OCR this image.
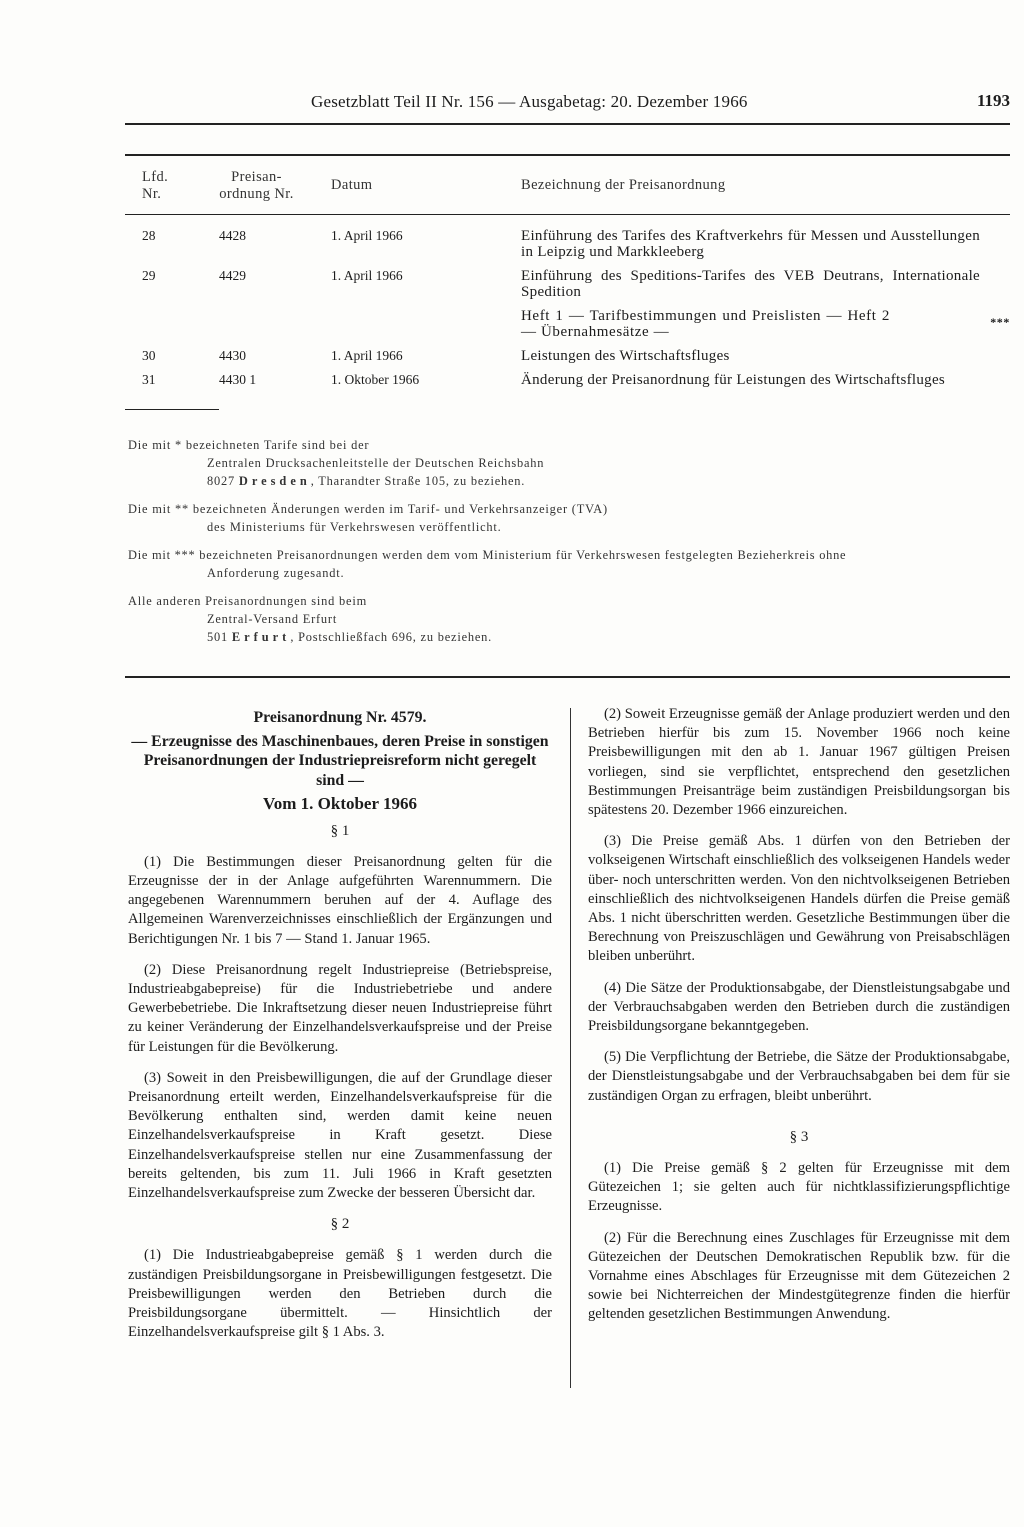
Gesetzblatt Teil II Nr. 156 — Ausgabetag: 20. Dezember 1966	1193
Lfd. Nr.	Preisan- ordnung Nr.	Datum	Bezeichnung der Preisanordnung

28	4428	1. April 1966	Einführung des Tarifes des Kraftverkehrs für Messen und Ausstellungen in Leipzig und Markkleeberg
29	4429	1. April 1966	Einführung des Speditions-Tarifes des VEB Deutrans, Internationale Spedition
			Heft 1 — Tarifbestimmungen und Preislisten — Heft 2 — Übernahmesätze —
***

30	4430	1. April 1966	Leistungen des Wirtschaftsfluges
31	4430 1	1. Oktober 1966	Änderung der Preisanordnung für Leistungen des Wirtschaftsfluges
Die mit * bezeichneten Tarife sind bei der
Zentralen Drucksachenleitstelle der Deutschen Reichsbahn
8027 Dresden, Tharandter Straße 105, zu beziehen.
Die mit ** bezeichneten Änderungen werden im Tarif- und Verkehrsanzeiger (TVA)
des Ministeriums für Verkehrswesen veröffentlicht.
Die mit *** bezeichneten Preisanordnungen werden dem vom Ministerium für Verkehrswesen festgelegten Bezieherkreis ohne
Anforderung zugesandt.
Alle anderen Preisanordnungen sind beim
Zentral-Versand Erfurt
501 Erfurt, Postschließfach 696, zu beziehen.

Preisanordnung Nr. 4579.

— Erzeugnisse des Maschinenbaues, deren Preise in sonstigen Preisanordnungen der Industriepreisreform nicht geregelt sind —

Vom 1. Oktober 1966

§ 1

(1) Die Bestimmungen dieser Preisanordnung gelten für die Erzeugnisse der in der Anlage aufgeführten Warennummern. Die angegebenen Warennummern beruhen auf der 4. Auflage des Allgemeinen Warenverzeichnisses einschließlich der Ergänzungen und Berichtigungen Nr. 1 bis 7 — Stand 1. Januar 1965.

(2) Diese Preisanordnung regelt Industriepreise (Betriebspreise, Industrieabgabepreise) für die Industriebetriebe und andere Gewerbebetriebe. Die Inkraftsetzung dieser neuen Industriepreise führt zu keiner Veränderung der Einzelhandelsverkaufspreise und der Preise für Leistungen für die Bevölkerung.

(3) Soweit in den Preisbewilligungen, die auf der Grundlage dieser Preisanordnung erteilt werden, Einzelhandelsverkaufspreise für die Bevölkerung enthalten sind, werden damit keine neuen Einzelhandelsverkaufspreise in Kraft gesetzt. Diese Einzelhandelsverkaufspreise stellen nur eine Zusammenfassung der bereits geltenden, bis zum 11. Juli 1966 in Kraft gesetzten Einzelhandelsverkaufspreise zum Zwecke der besseren Übersicht dar.

§ 2

(1) Die Industrieabgabepreise gemäß § 1 werden durch die zuständigen Preisbildungsorgane in Preisbewilligungen festgesetzt. Die Preisbewilligungen werden den Betrieben durch die Preisbildungsorgane übermittelt. — Hinsichtlich der Einzelhandelsverkaufspreise gilt § 1 Abs. 3.

(2) Soweit Erzeugnisse gemäß der Anlage produziert werden und den Betrieben hierfür bis zum 15. November 1966 noch keine Preisbewilligungen mit den ab 1. Januar 1967 gültigen Preisen vorliegen, sind sie verpflichtet, entsprechend den gesetzlichen Bestimmungen Preisanträge beim zuständigen Preisbildungsorgan bis spätestens 20. Dezember 1966 einzureichen.

(3) Die Preise gemäß Abs. 1 dürfen von den Betrieben der volkseigenen Wirtschaft einschließlich des volkseigenen Handels weder über- noch unterschritten werden. Von den nichtvolkseigenen Betrieben einschließlich des nichtvolkseigenen Handels dürfen die Preise gemäß Abs. 1 nicht überschritten werden. Gesetzliche Bestimmungen über die Berechnung von Preiszuschlägen und Gewährung von Preisabschlägen bleiben unberührt.

(4) Die Sätze der Produktionsabgabe, der Dienstleistungsabgabe und der Verbrauchsabgaben werden den Betrieben durch die zuständigen Preisbildungsorgane bekanntgegeben.

(5) Die Verpflichtung der Betriebe, die Sätze der Produktionsabgabe, der Dienstleistungsabgabe und der Verbrauchsabgaben bei dem für sie zuständigen Organ zu erfragen, bleibt unberührt.

§ 3

(1) Die Preise gemäß § 2 gelten für Erzeugnisse mit dem Gütezeichen 1; sie gelten auch für nichtklassifizierungspflichtige Erzeugnisse.

(2) Für die Berechnung eines Zuschlages für Erzeugnisse mit dem Gütezeichen der Deutschen Demokratischen Republik bzw. für die Vornahme eines Abschlages für Erzeugnisse mit dem Gütezeichen 2 sowie bei Nichterreichen der Mindestgütegrenze finden die hierfür geltenden gesetzlichen Bestimmungen Anwendung.
